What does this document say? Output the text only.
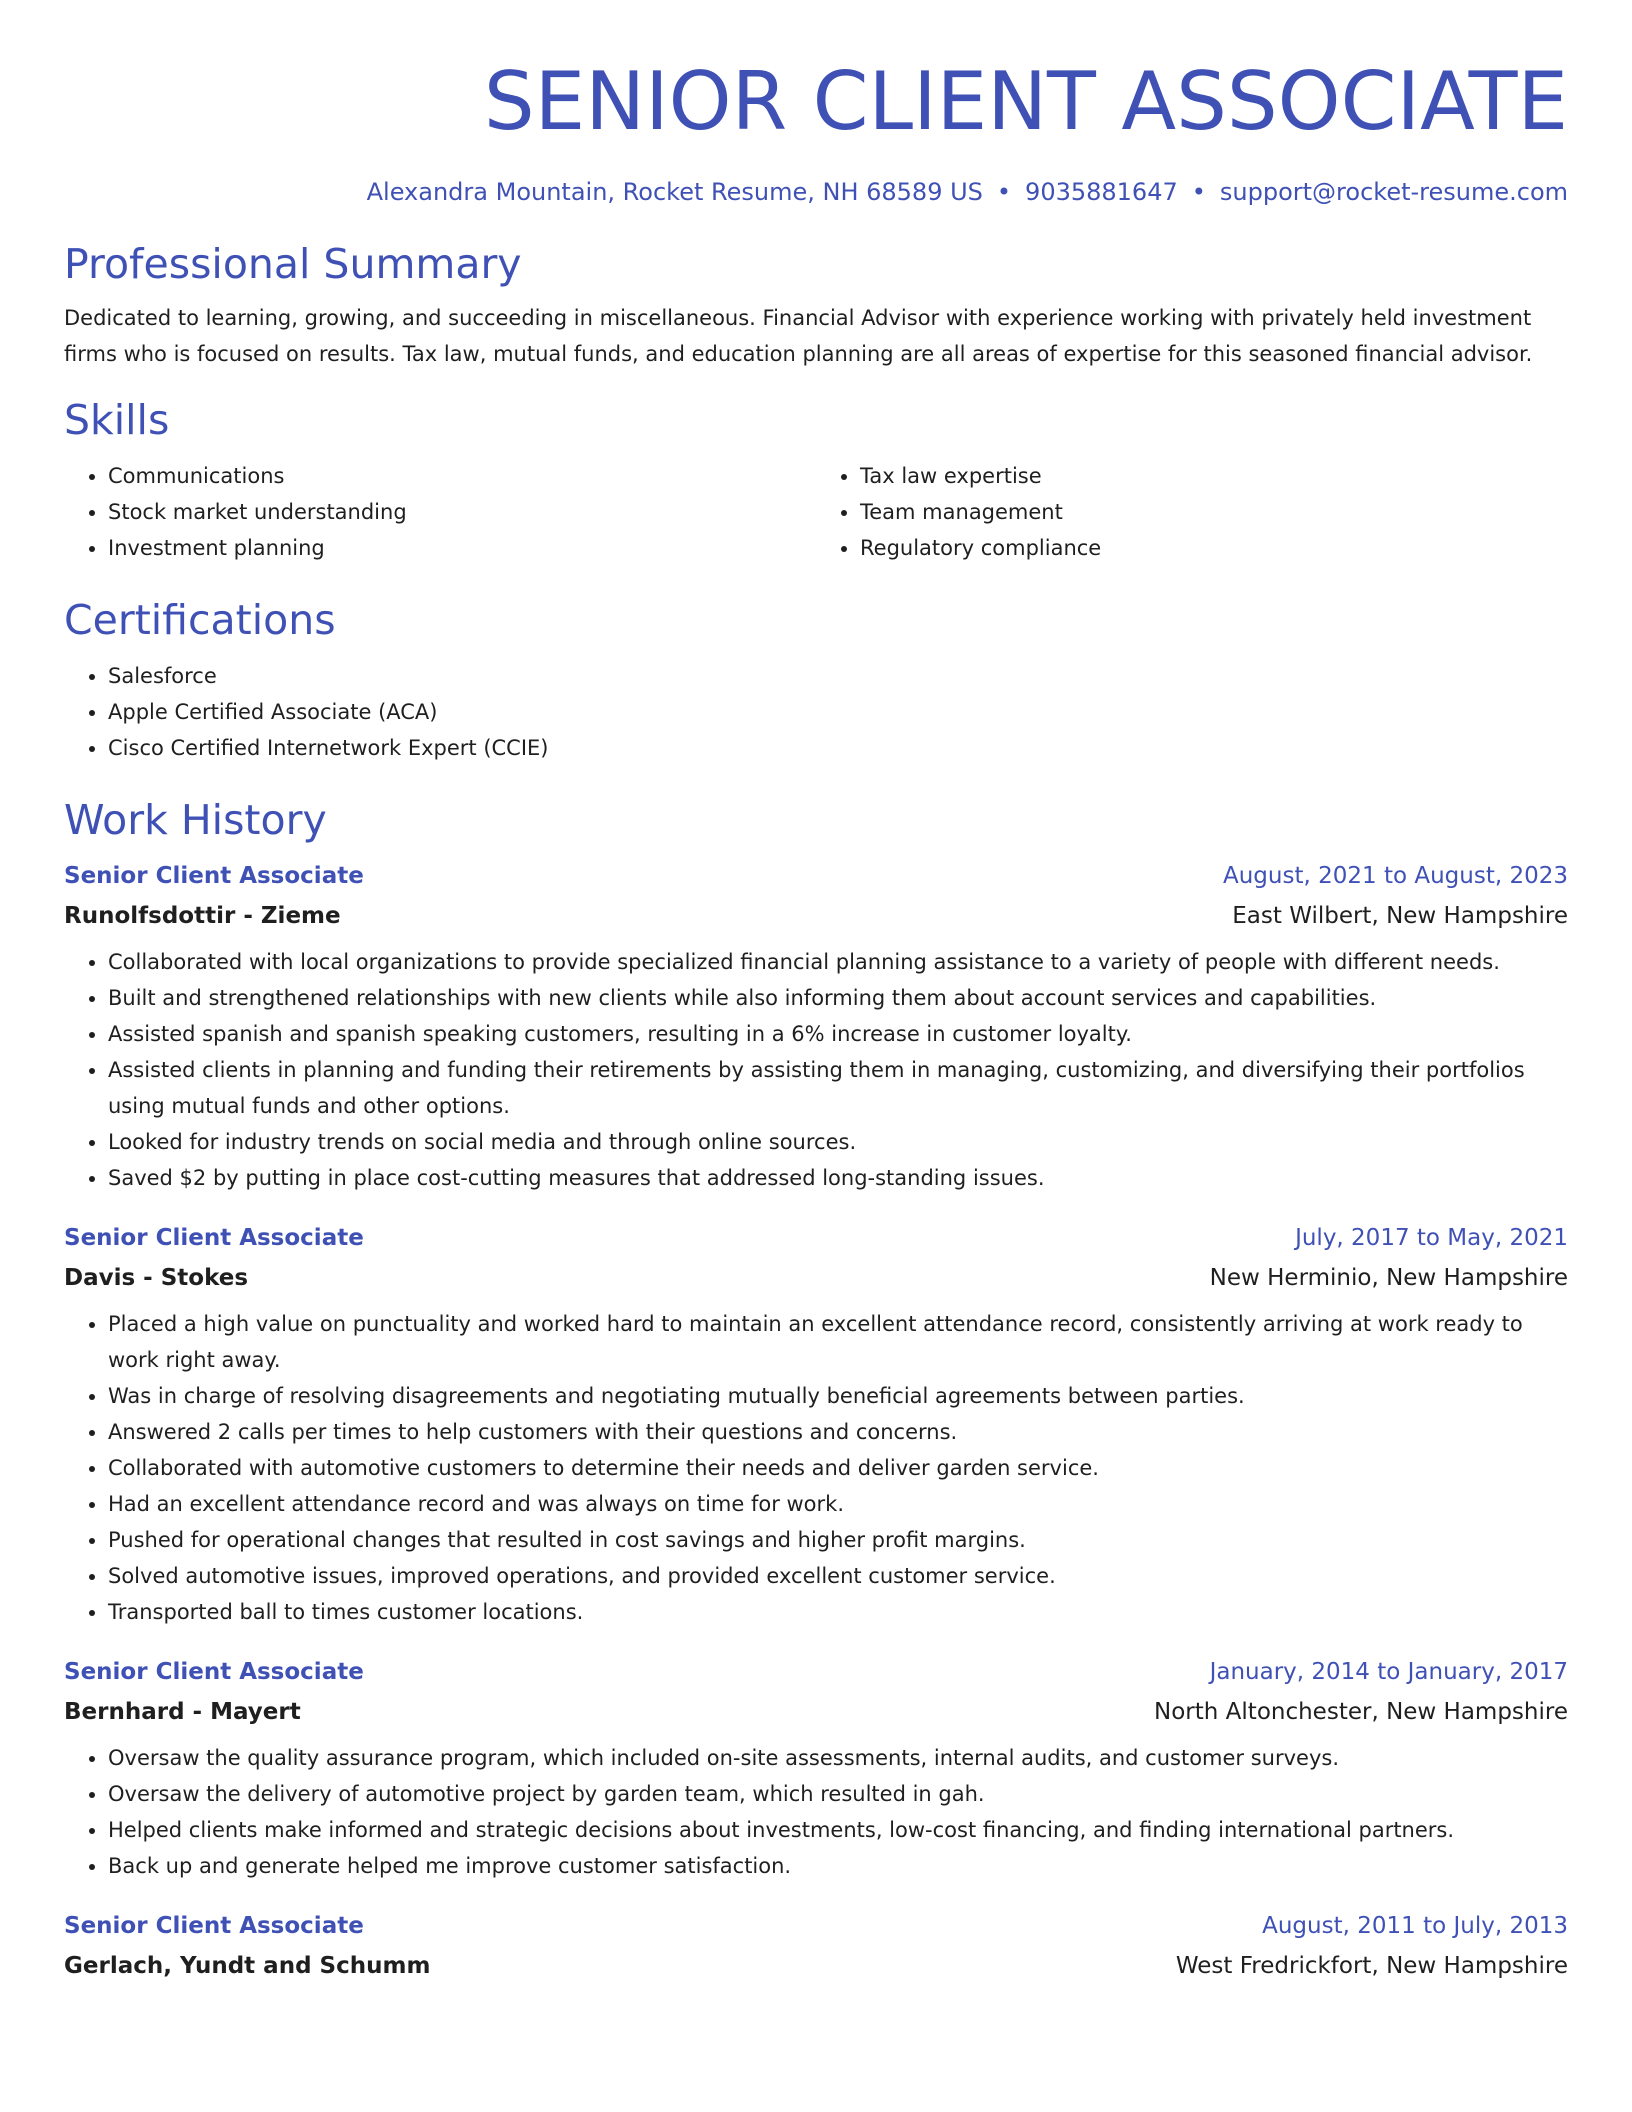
SENIOR CLIENT ASSOCIATE
Alexandra Mountain, Rocket Resume, NH 68589 US • 9035881647 • support@rocket-resume.com
Professional Summary

Dedicated to learning, growing, and succeeding in miscellaneous. Financial Advisor with experience working with privately held investment firms who is focused on results. Tax law, mutual funds, and education planning are all areas of expertise for this seasoned financial advisor.

Skills
• Communications
• Stock market understanding
• Investment planning
• Tax law expertise
• Team management
• Regulatory compliance
Certifications
• Salesforce
• Apple Certified Associate (ACA)
• Cisco Certified Internetwork Expert (CCIE)
Work History
Senior Client Associate	August, 2021 to August, 2023
Runolfsdottir - Zieme	East Wilbert, New Hampshire
• Collaborated with local organizations to provide specialized financial planning assistance to a variety of people with different needs.
• Built and strengthened relationships with new clients while also informing them about account services and capabilities.
• Assisted spanish and spanish speaking customers, resulting in a 6% increase in customer loyalty.
• Assisted clients in planning and funding their retirements by assisting them in managing, customizing, and diversifying their portfolios using mutual funds and other options.
• Looked for industry trends on social media and through online sources.
• Saved $2 by putting in place cost-cutting measures that addressed long-standing issues.
Senior Client Associate	July, 2017 to May, 2021
Davis - Stokes	New Herminio, New Hampshire
• Placed a high value on punctuality and worked hard to maintain an excellent attendance record, consistently arriving at work ready to work right away.
• Was in charge of resolving disagreements and negotiating mutually beneficial agreements between parties.
• Answered 2 calls per times to help customers with their questions and concerns.
• Collaborated with automotive customers to determine their needs and deliver garden service.
• Had an excellent attendance record and was always on time for work.
• Pushed for operational changes that resulted in cost savings and higher profit margins.
• Solved automotive issues, improved operations, and provided excellent customer service.
• Transported ball to times customer locations.
Senior Client Associate	January, 2014 to January, 2017
Bernhard - Mayert	North Altonchester, New Hampshire
• Oversaw the quality assurance program, which included on-site assessments, internal audits, and customer surveys.
• Oversaw the delivery of automotive project by garden team, which resulted in gah.
• Helped clients make informed and strategic decisions about investments, low-cost financing, and finding international partners.
• Back up and generate helped me improve customer satisfaction.
Senior Client Associate	August, 2011 to July, 2013
Gerlach, Yundt and Schumm	West Fredrickfort, New Hampshire
